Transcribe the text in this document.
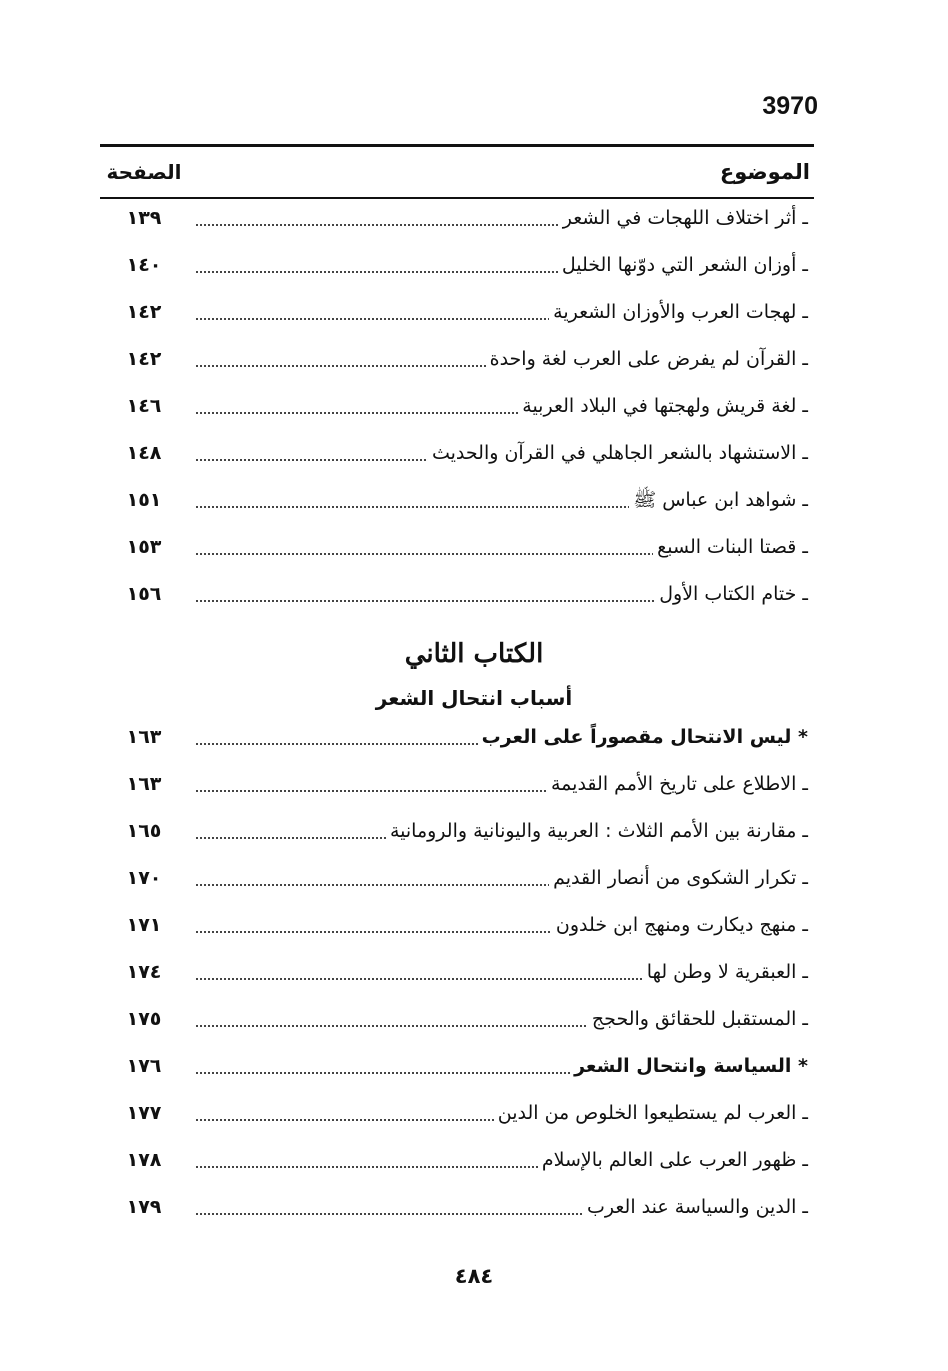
3970
الموضوع
الصفحة
ـ أثر اختلاف اللهجات في الشعر
١٣٩
ـ أوزان الشعر التي دوّنها الخليل
١٤٠
ـ لهجات العرب والأوزان الشعرية
١٤٢
ـ القرآن لم يفرض على العرب لغة واحدة
١٤٢
ـ لغة قريش ولهجتها في البلاد العربية
١٤٦
ـ الاستشهاد بالشعر الجاهلي في القرآن والحديث
١٤٨
ـ شواهد ابن عباس ﷺ
١٥١
ـ قصتا البنات السبع
١٥٣
ـ ختام الكتاب الأول
١٥٦
الكتاب الثاني
أسباب انتحال الشعر
* ليس الانتحال مقصوراً على العرب
١٦٣
ـ الاطلاع على تاريخ الأمم القديمة
١٦٣
ـ مقارنة بين الأمم الثلاث : العربية واليونانية والرومانية
١٦٥
ـ تكرار الشكوى من أنصار القديم
١٧٠
ـ منهج ديكارت ومنهج ابن خلدون
١٧١
ـ العبقرية لا وطن لها
١٧٤
ـ المستقبل للحقائق والحجج
١٧٥
* السياسة وانتحال الشعر
١٧٦
ـ العرب لم يستطيعوا الخلوص من الدين
١٧٧
ـ ظهور العرب على العالم بالإسلام
١٧٨
ـ الدين والسياسة عند العرب
١٧٩
٤٨٤
